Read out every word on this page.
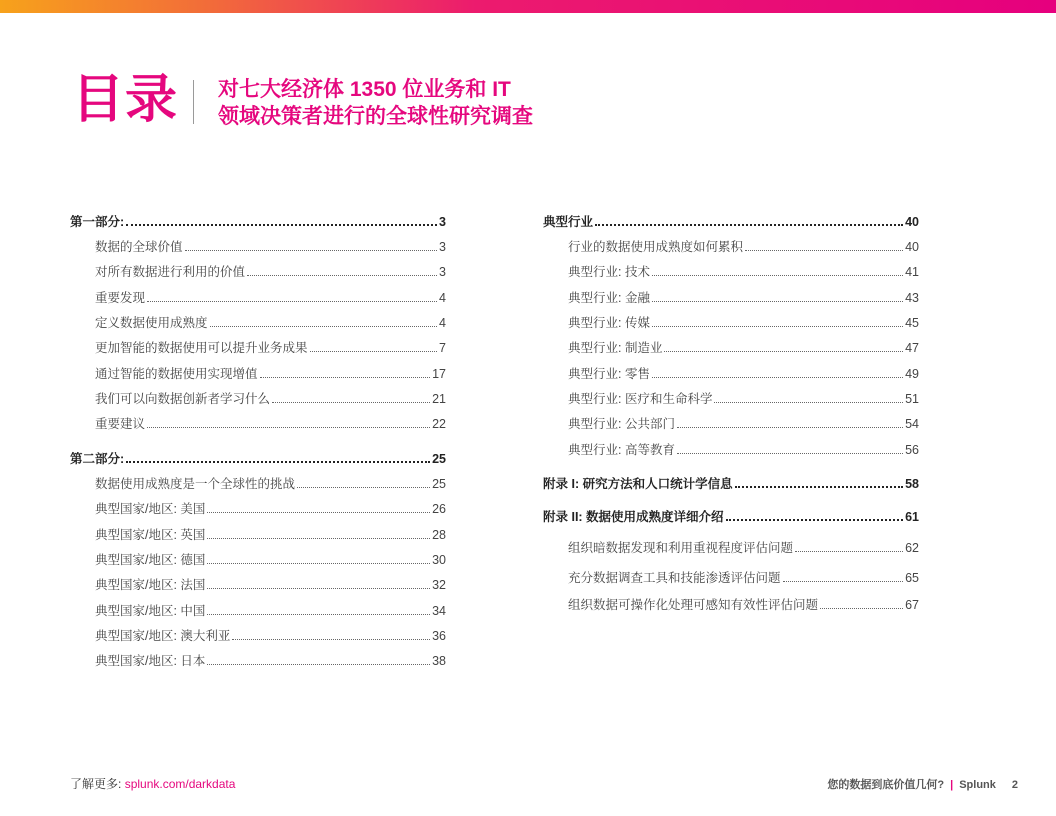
目录 对七大经济体 1350 位业务和 IT
领域决策者进行的全球性研究调查
第一部分:	3
数据的全球价值	3
对所有数据进行利用的价值	3
重要发现	4
定义数据使用成熟度	4
更加智能的数据使用可以提升业务成果	7
通过智能的数据使用实现增值	17
我们可以向数据创新者学习什么	21
重要建议	22
第二部分:	25
数据使用成熟度是一个全球性的挑战	25
典型国家/地区: 美国	26
典型国家/地区: 英国	28
典型国家/地区: 德国	30
典型国家/地区: 法国	32
典型国家/地区: 中国	34
典型国家/地区: 澳大利亚	36
典型国家/地区: 日本	38
典型行业	40
行业的数据使用成熟度如何累积	40
典型行业: 技术	41
典型行业: 金融	43
典型行业: 传媒	45
典型行业: 制造业	47
典型行业: 零售	49
典型行业: 医疗和生命科学	51
典型行业: 公共部门	54
典型行业: 高等教育	56
附录 I: 研究方法和人口统计学信息	58
附录 II: 数据使用成熟度详细介绍	61
组织暗数据发现和利用重视程度评估问题	62
充分数据调查工具和技能渗透评估问题	65
组织数据可操作化处理可感知有效性评估问题	67
了解更多: splunk.com/darkdata	您的数据到底价值几何? | Splunk 2
